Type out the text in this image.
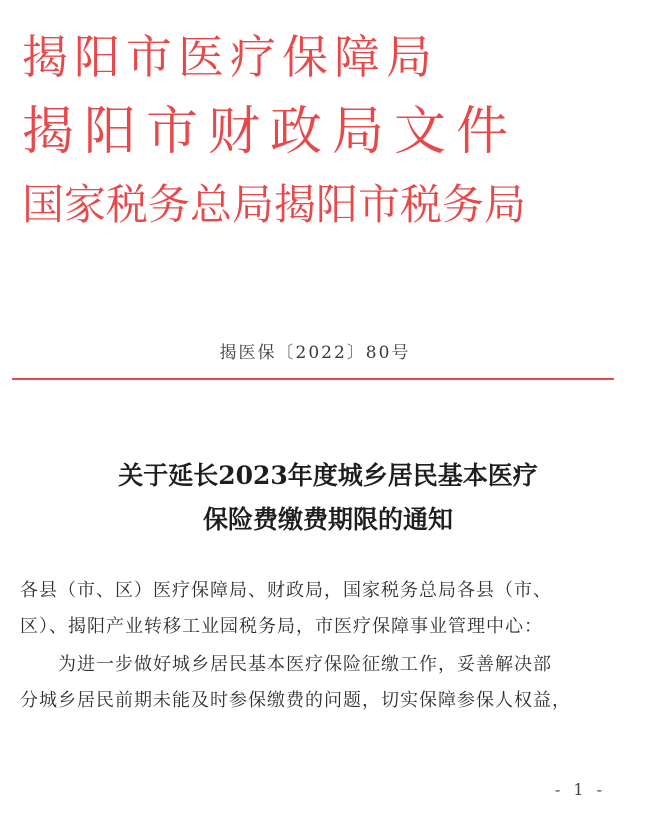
揭阳市医疗保障局
揭阳市财政局文件
国家税务总局揭阳市税务局
揭医保〔2022〕80号
关于延长2023年度城乡居民基本医疗
保险费缴费期限的通知
各县（市、区）医疗保障局、财政局，国家税务总局各县（市、
区）、揭阳产业转移工业园税务局，市医疗保障事业管理中心：
为进一步做好城乡居民基本医疗保险征缴工作，妥善解决部
分城乡居民前期未能及时参保缴费的问题，切实保障参保人权益，
- 1 -
